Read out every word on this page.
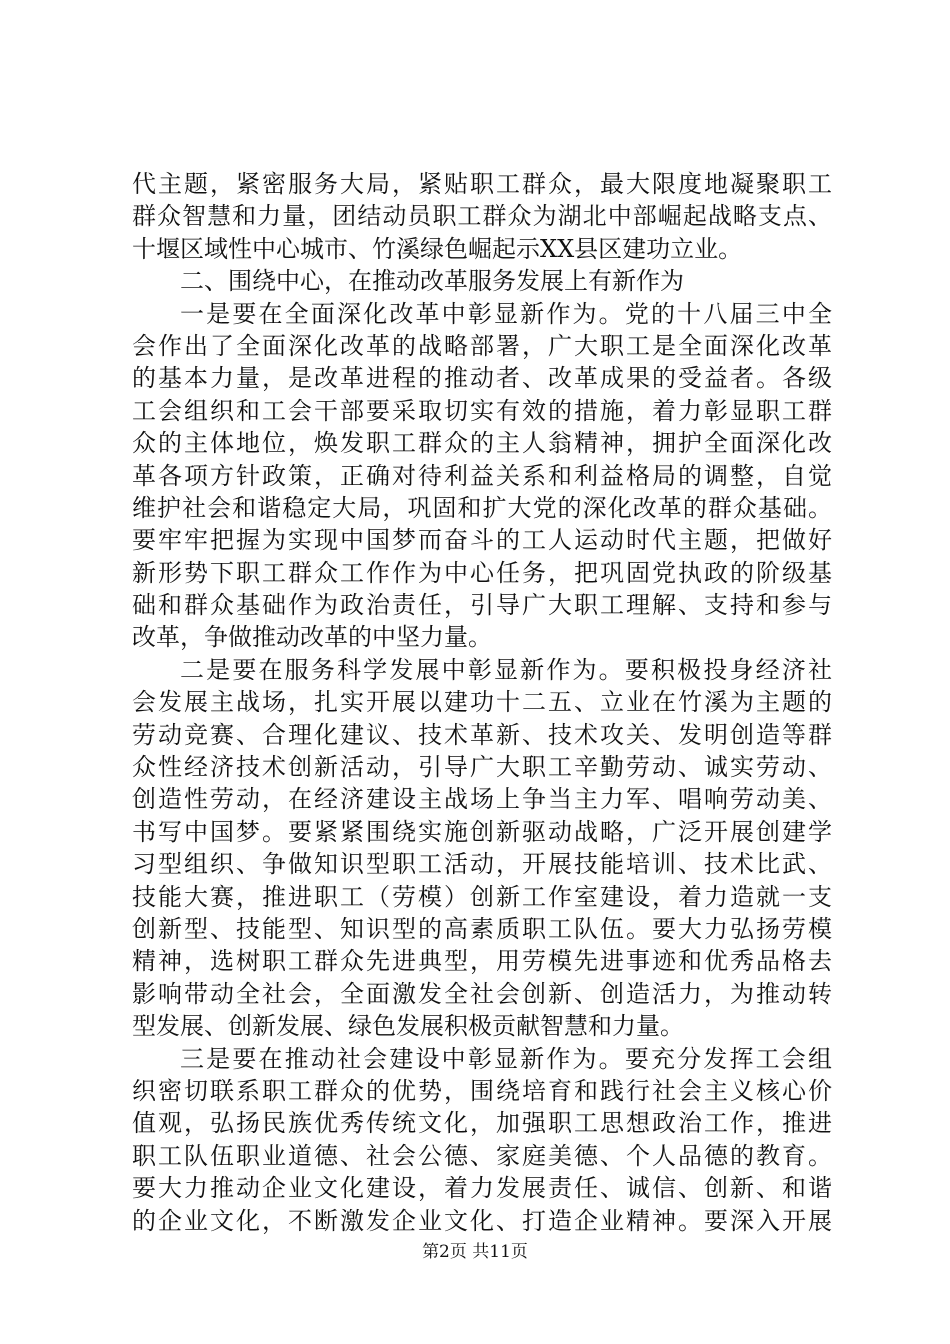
代主题，紧密服务大局，紧贴职工群众，最大限度地凝聚职工
群众智慧和力量，团结动员职工群众为湖北中部崛起战略支点、
十堰区域性中心城市、竹溪绿色崛起示XX县区建功立业。
二、围绕中心，在推动改革服务发展上有新作为
一是要在全面深化改革中彰显新作为。党的十八届三中全
会作出了全面深化改革的战略部署，广大职工是全面深化改革
的基本力量，是改革进程的推动者、改革成果的受益者。各级
工会组织和工会干部要采取切实有效的措施，着力彰显职工群
众的主体地位，焕发职工群众的主人翁精神，拥护全面深化改
革各项方针政策，正确对待利益关系和利益格局的调整，自觉
维护社会和谐稳定大局，巩固和扩大党的深化改革的群众基础。
要牢牢把握为实现中国梦而奋斗的工人运动时代主题，把做好
新形势下职工群众工作作为中心任务，把巩固党执政的阶级基
础和群众基础作为政治责任，引导广大职工理解、支持和参与
改革，争做推动改革的中坚力量。
二是要在服务科学发展中彰显新作为。要积极投身经济社
会发展主战场，扎实开展以建功十二五、立业在竹溪为主题的
劳动竞赛、合理化建议、技术革新、技术攻关、发明创造等群
众性经济技术创新活动，引导广大职工辛勤劳动、诚实劳动、
创造性劳动，在经济建设主战场上争当主力军、唱响劳动美、
书写中国梦。要紧紧围绕实施创新驱动战略，广泛开展创建学
习型组织、争做知识型职工活动，开展技能培训、技术比武、
技能大赛，推进职工（劳模）创新工作室建设，着力造就一支
创新型、技能型、知识型的高素质职工队伍。要大力弘扬劳模
精神，选树职工群众先进典型，用劳模先进事迹和优秀品格去
影响带动全社会，全面激发全社会创新、创造活力，为推动转
型发展、创新发展、绿色发展积极贡献智慧和力量。
三是要在推动社会建设中彰显新作为。要充分发挥工会组
织密切联系职工群众的优势，围绕培育和践行社会主义核心价
值观，弘扬民族优秀传统文化，加强职工思想政治工作，推进
职工队伍职业道德、社会公德、家庭美德、个人品德的教育。
要大力推动企业文化建设，着力发展责任、诚信、创新、和谐
的企业文化，不断激发企业文化、打造企业精神。要深入开展
第2页 共11页
